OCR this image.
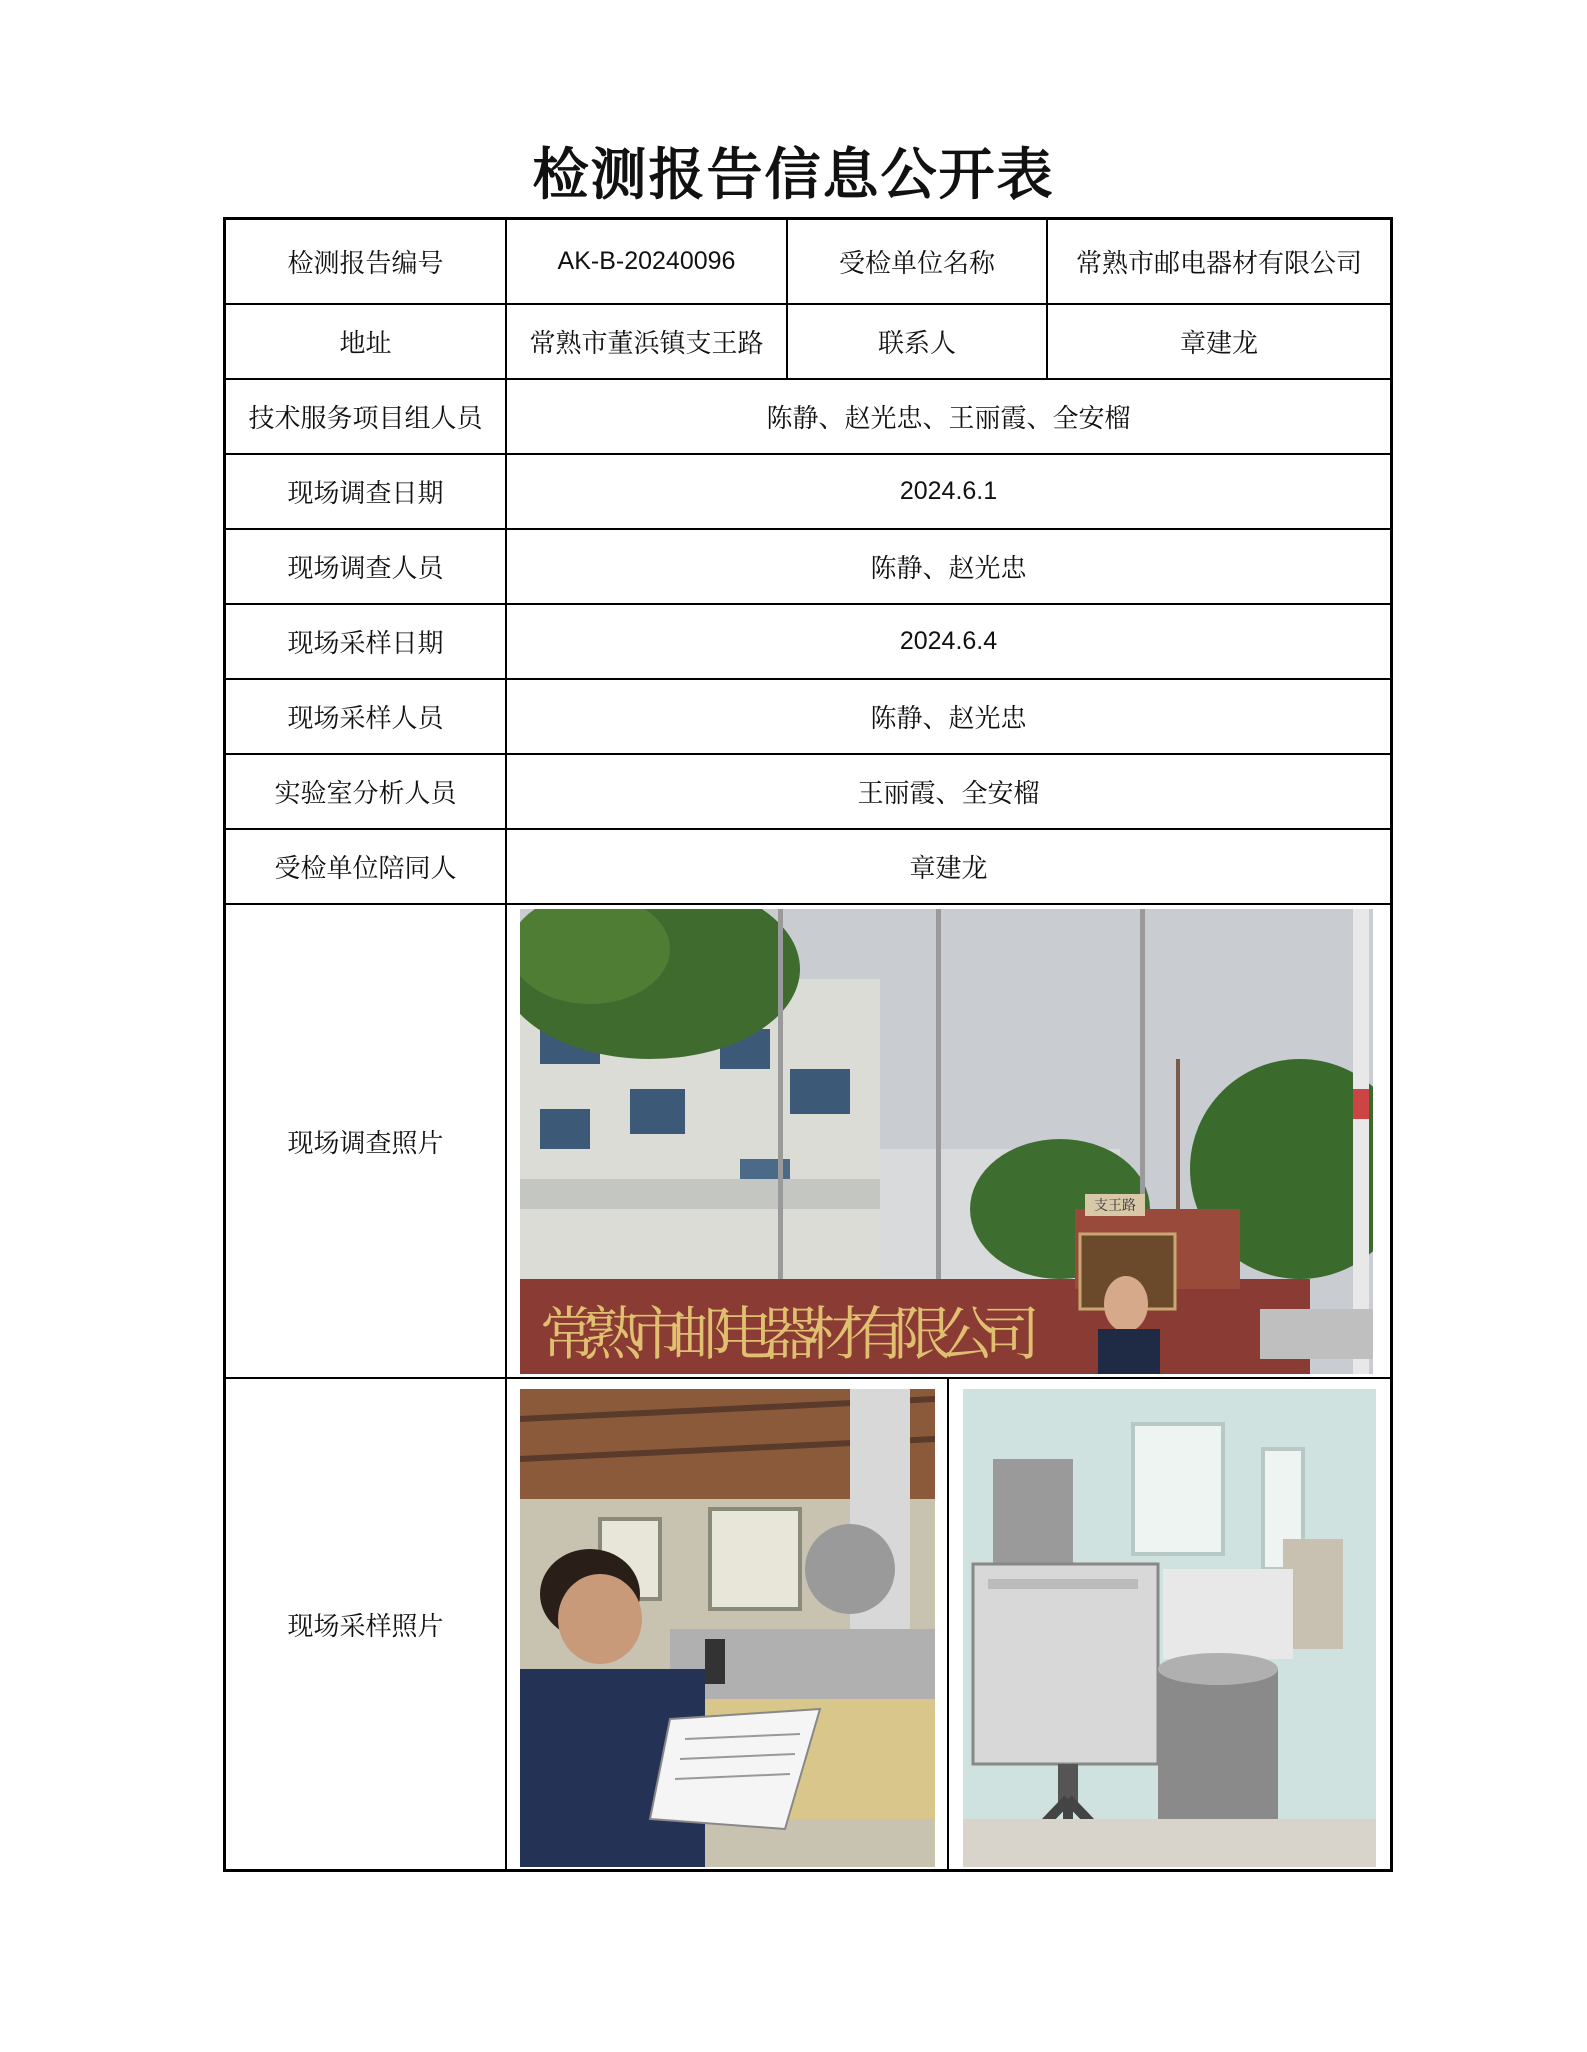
检测报告信息公开表
检测报告编号	AK-B-20240096	受检单位名称	常熟市邮电器材有限公司
地址	常熟市董浜镇支王路	联系人	章建龙
技术服务项目组人员	陈静、赵光忠、王丽霞、全安榴
现场调查日期	2024.6.1
现场调查人员	陈静、赵光忠
现场采样日期	2024.6.4
现场采样人员	陈静、赵光忠
实验室分析人员	王丽霞、全安榴
受检单位陪同人	章建龙
现场调查照片
支王路
常熟市邮电器材有限公司
现场采样照片
